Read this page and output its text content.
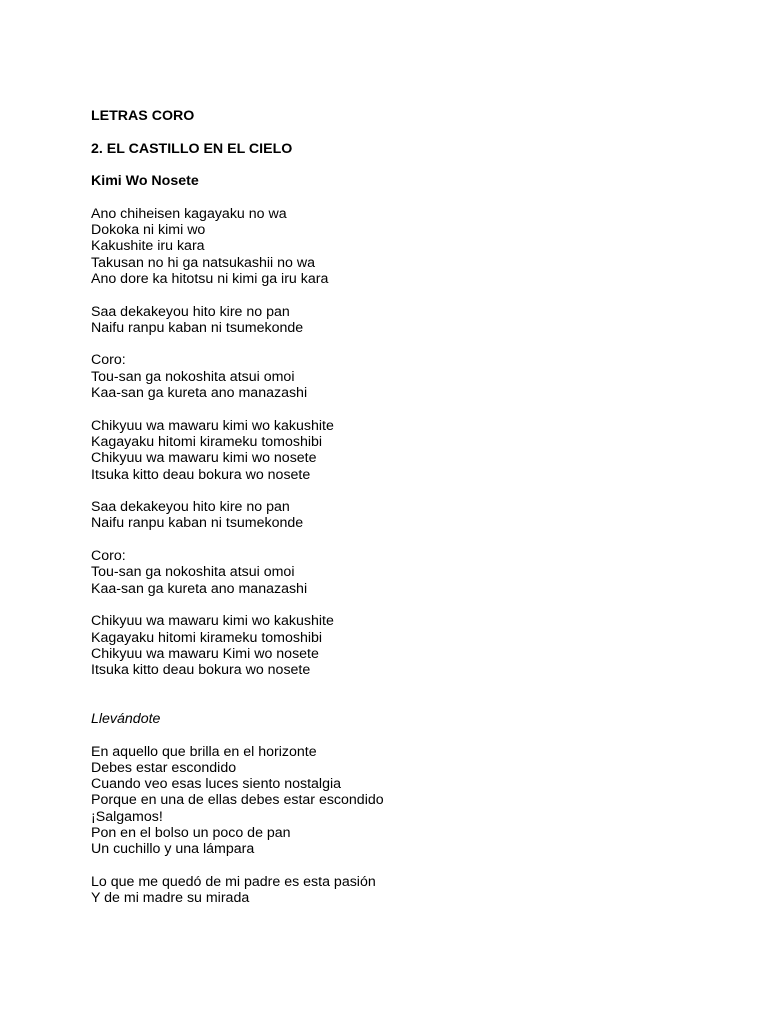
LETRAS CORO
2. EL CASTILLO EN EL CIELO
Kimi Wo Nosete
Ano chiheisen kagayaku no wa
Dokoka ni kimi wo
Kakushite iru kara
Takusan no hi ga natsukashii no wa
Ano dore ka hitotsu ni kimi ga iru kara
Saa dekakeyou hito kire no pan
Naifu ranpu kaban ni tsumekonde
Coro:
Tou-san ga nokoshita atsui omoi
Kaa-san ga kureta ano manazashi
Chikyuu wa mawaru kimi wo kakushite
Kagayaku hitomi kirameku tomoshibi
Chikyuu wa mawaru kimi wo nosete
Itsuka kitto deau bokura wo nosete
Saa dekakeyou hito kire no pan
Naifu ranpu kaban ni tsumekonde
Coro:
Tou-san ga nokoshita atsui omoi
Kaa-san ga kureta ano manazashi
Chikyuu wa mawaru kimi wo kakushite
Kagayaku hitomi kirameku tomoshibi
Chikyuu wa mawaru Kimi wo nosete
Itsuka kitto deau bokura wo nosete
Llevándote
En aquello que brilla en el horizonte
Debes estar escondido
Cuando veo esas luces siento nostalgia
Porque en una de ellas debes estar escondido
¡Salgamos!
Pon en el bolso un poco de pan
Un cuchillo y una lámpara
Lo que me quedó de mi padre es esta pasión
Y de mi madre su mirada
